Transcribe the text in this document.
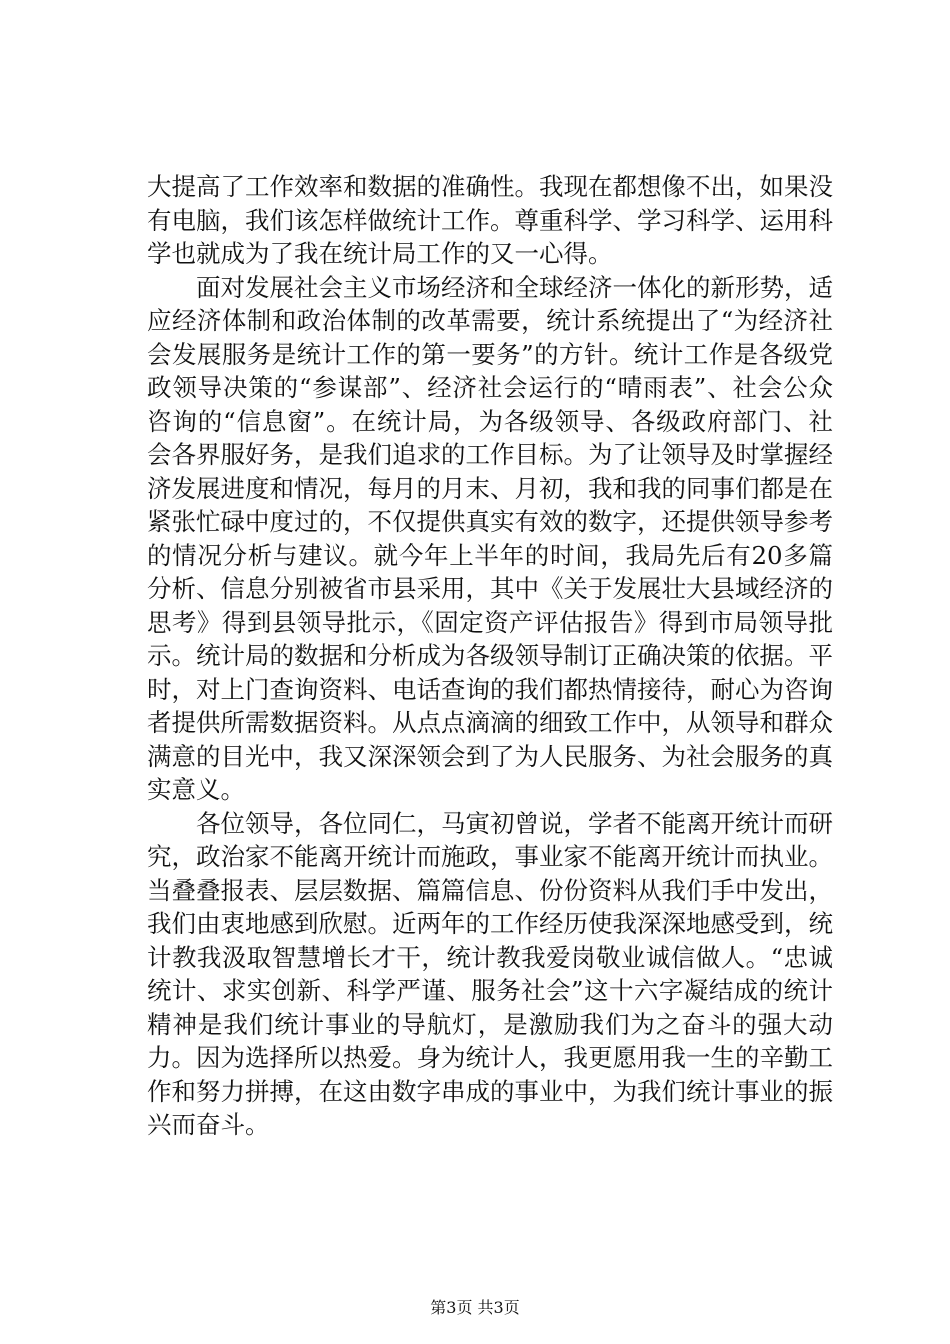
大提高了工作效率和数据的准确性。我现在都想像不出，如果没有电脑，我们该怎样做统计工作。尊重科学、学习科学、运用科学也就成为了我在统计局工作的又一心得。

面对发展社会主义市场经济和全球经济一体化的新形势，适应经济体制和政治体制的改革需要，统计系统提出了“为经济社会发展服务是统计工作的第一要务”的方针。统计工作是各级党政领导决策的“参谋部”、经济社会运行的“晴雨表”、社会公众咨询的“信息窗”。在统计局，为各级领导、各级政府部门、社会各界服好务，是我们追求的工作目标。为了让领导及时掌握经济发展进度和情况，每月的月末、月初，我和我的同事们都是在紧张忙碌中度过的，不仅提供真实有效的数字，还提供领导参考的情况分析与建议。就今年上半年的时间，我局先后有20多篇分析、信息分别被省市县采用，其中《关于发展壮大县域经济的思考》得到县领导批示，《固定资产评估报告》得到市局领导批示。统计局的数据和分析成为各级领导制订正确决策的依据。平时，对上门查询资料、电话查询的我们都热情接待，耐心为咨询者提供所需数据资料。从点点滴滴的细致工作中，从领导和群众满意的目光中，我又深深领会到了为人民服务、为社会服务的真实意义。

各位领导，各位同仁，马寅初曾说，学者不能离开统计而研究，政治家不能离开统计而施政，事业家不能离开统计而执业。当叠叠报表、层层数据、篇篇信息、份份资料从我们手中发出，我们由衷地感到欣慰。近两年的工作经历使我深深地感受到，统计教我汲取智慧增长才干，统计教我爱岗敬业诚信做人。“忠诚统计、求实创新、科学严谨、服务社会”这十六字凝结成的统计精神是我们统计事业的导航灯，是激励我们为之奋斗的强大动力。因为选择所以热爱。身为统计人，我更愿用我一生的辛勤工作和努力拼搏，在这由数字串成的事业中，为我们统计事业的振兴而奋斗。

第3页 共3页
